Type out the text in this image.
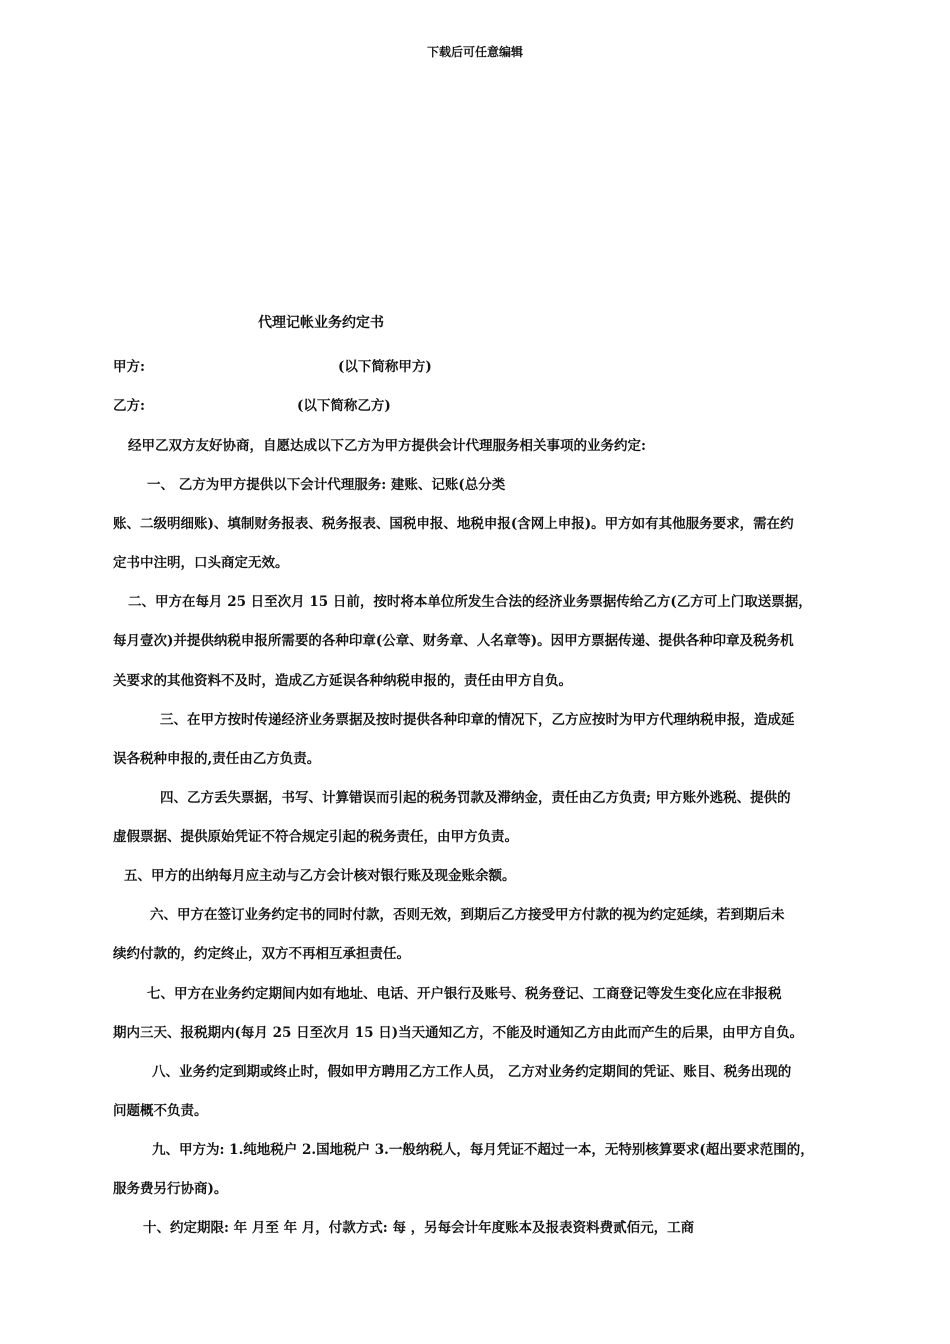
下载后可任意编辑
代理记帐业务约定书
甲方:	(以下简称甲方)
乙方:	(以下简称乙方)
经甲乙双方友好协商，自愿达成以下乙方为甲方提供会计代理服务相关事项的业务约定:
一、 乙方为甲方提供以下会计代理服务: 建账、记账(总分类
账、二级明细账)、填制财务报表、税务报表、国税申报、地税申报(含网上申报)。甲方如有其他服务要求，需在约
定书中注明，口头商定无效。
二、甲方在每月 25 日至次月 15 日前，按时将本单位所发生合法的经济业务票据传给乙方(乙方可上门取送票据，
每月壹次)并提供纳税申报所需要的各种印章(公章、财务章、人名章等)。因甲方票据传递、提供各种印章及税务机
关要求的其他资料不及时，造成乙方延误各种纳税申报的，责任由甲方自负。
三、在甲方按时传递经济业务票据及按时提供各种印章的情况下，乙方应按时为甲方代理纳税申报，造成延
误各税种申报的,责任由乙方负责。
四、乙方丢失票据，书写、计算错误而引起的税务罚款及滞纳金，责任由乙方负责; 甲方账外逃税、提供的
虚假票据、提供原始凭证不符合规定引起的税务责任，由甲方负责。
五、甲方的出纳每月应主动与乙方会计核对银行账及现金账余额。
六、甲方在签订业务约定书的同时付款，否则无效，到期后乙方接受甲方付款的视为约定延续，若到期后未
续约付款的，约定终止，双方不再相互承担责任。
七、甲方在业务约定期间内如有地址、电话、开户银行及账号、税务登记、工商登记等发生变化应在非报税
期内三天、报税期内(每月 25 日至次月 15 日)当天通知乙方，不能及时通知乙方由此而产生的后果，由甲方自负。
八、业务约定到期或终止时，假如甲方聘用乙方工作人员， 乙方对业务约定期间的凭证、账目、税务出现的
问题概不负责。
九、甲方为: 1.纯地税户 2.国地税户 3.一般纳税人，每月凭证不超过一本，无特别核算要求(超出要求范围的，
服务费另行协商)。
十、约定期限: 年 月至 年 月，付款方式: 每 ，另每会计年度账本及报表资料费贰佰元，工商
